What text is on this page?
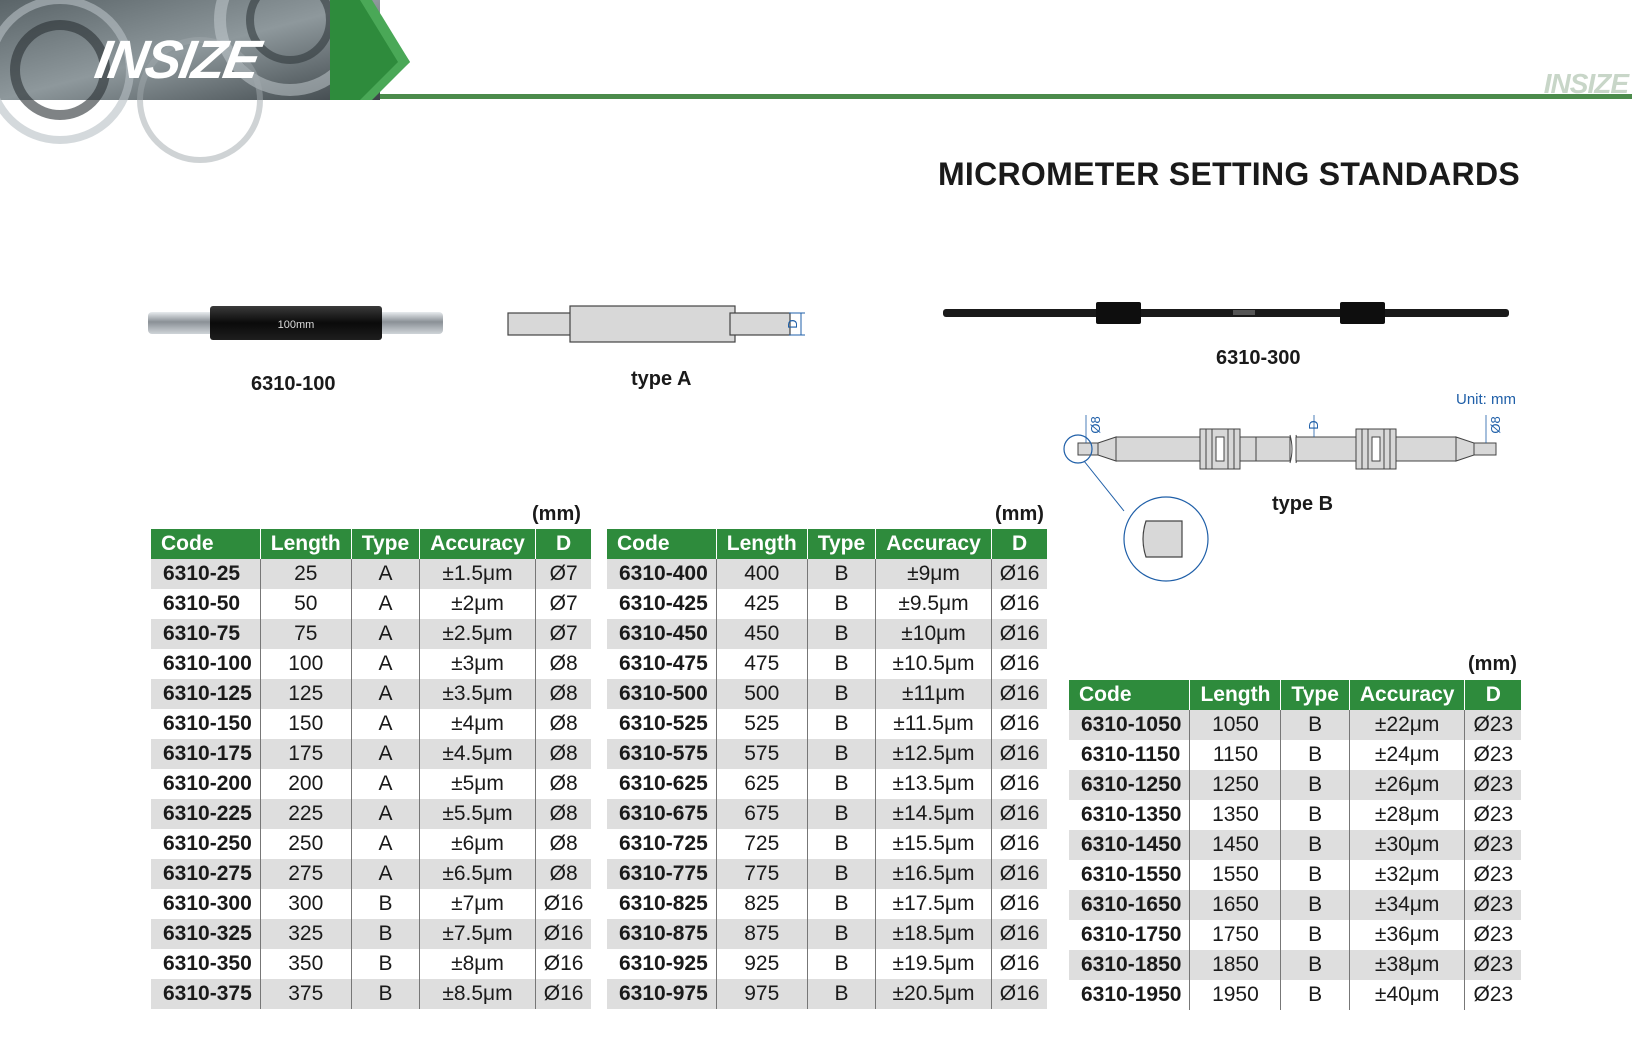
INSIZE	INSIZE
MICROMETER SETTING STANDARDS
100mm
6310-100
D
type A
6310-300
Unit: mm
Ø8	D	Ø8
type B
(mm)
Code	Length	Type	Accuracy	D
6310-25	25	A	±1.5μm	Ø7
6310-50	50	A	±2μm	Ø7
6310-75	75	A	±2.5μm	Ø7
6310-100	100	A	±3μm	Ø8
6310-125	125	A	±3.5μm	Ø8
6310-150	150	A	±4μm	Ø8
6310-175	175	A	±4.5μm	Ø8
6310-200	200	A	±5μm	Ø8
6310-225	225	A	±5.5μm	Ø8
6310-250	250	A	±6μm	Ø8
6310-275	275	A	±6.5μm	Ø8
6310-300	300	B	±7μm	Ø16
6310-325	325	B	±7.5μm	Ø16
6310-350	350	B	±8μm	Ø16
6310-375	375	B	±8.5μm	Ø16
(mm)
Code	Length	Type	Accuracy	D
6310-400	400	B	±9μm	Ø16
6310-425	425	B	±9.5μm	Ø16
6310-450	450	B	±10μm	Ø16
6310-475	475	B	±10.5μm	Ø16
6310-500	500	B	±11μm	Ø16
6310-525	525	B	±11.5μm	Ø16
6310-575	575	B	±12.5μm	Ø16
6310-625	625	B	±13.5μm	Ø16
6310-675	675	B	±14.5μm	Ø16
6310-725	725	B	±15.5μm	Ø16
6310-775	775	B	±16.5μm	Ø16
6310-825	825	B	±17.5μm	Ø16
6310-875	875	B	±18.5μm	Ø16
6310-925	925	B	±19.5μm	Ø16
6310-975	975	B	±20.5μm	Ø16
(mm)
Code	Length	Type	Accuracy	D
6310-1050	1050	B	±22μm	Ø23
6310-1150	1150	B	±24μm	Ø23
6310-1250	1250	B	±26μm	Ø23
6310-1350	1350	B	±28μm	Ø23
6310-1450	1450	B	±30μm	Ø23
6310-1550	1550	B	±32μm	Ø23
6310-1650	1650	B	±34μm	Ø23
6310-1750	1750	B	±36μm	Ø23
6310-1850	1850	B	±38μm	Ø23
6310-1950	1950	B	±40μm	Ø23
